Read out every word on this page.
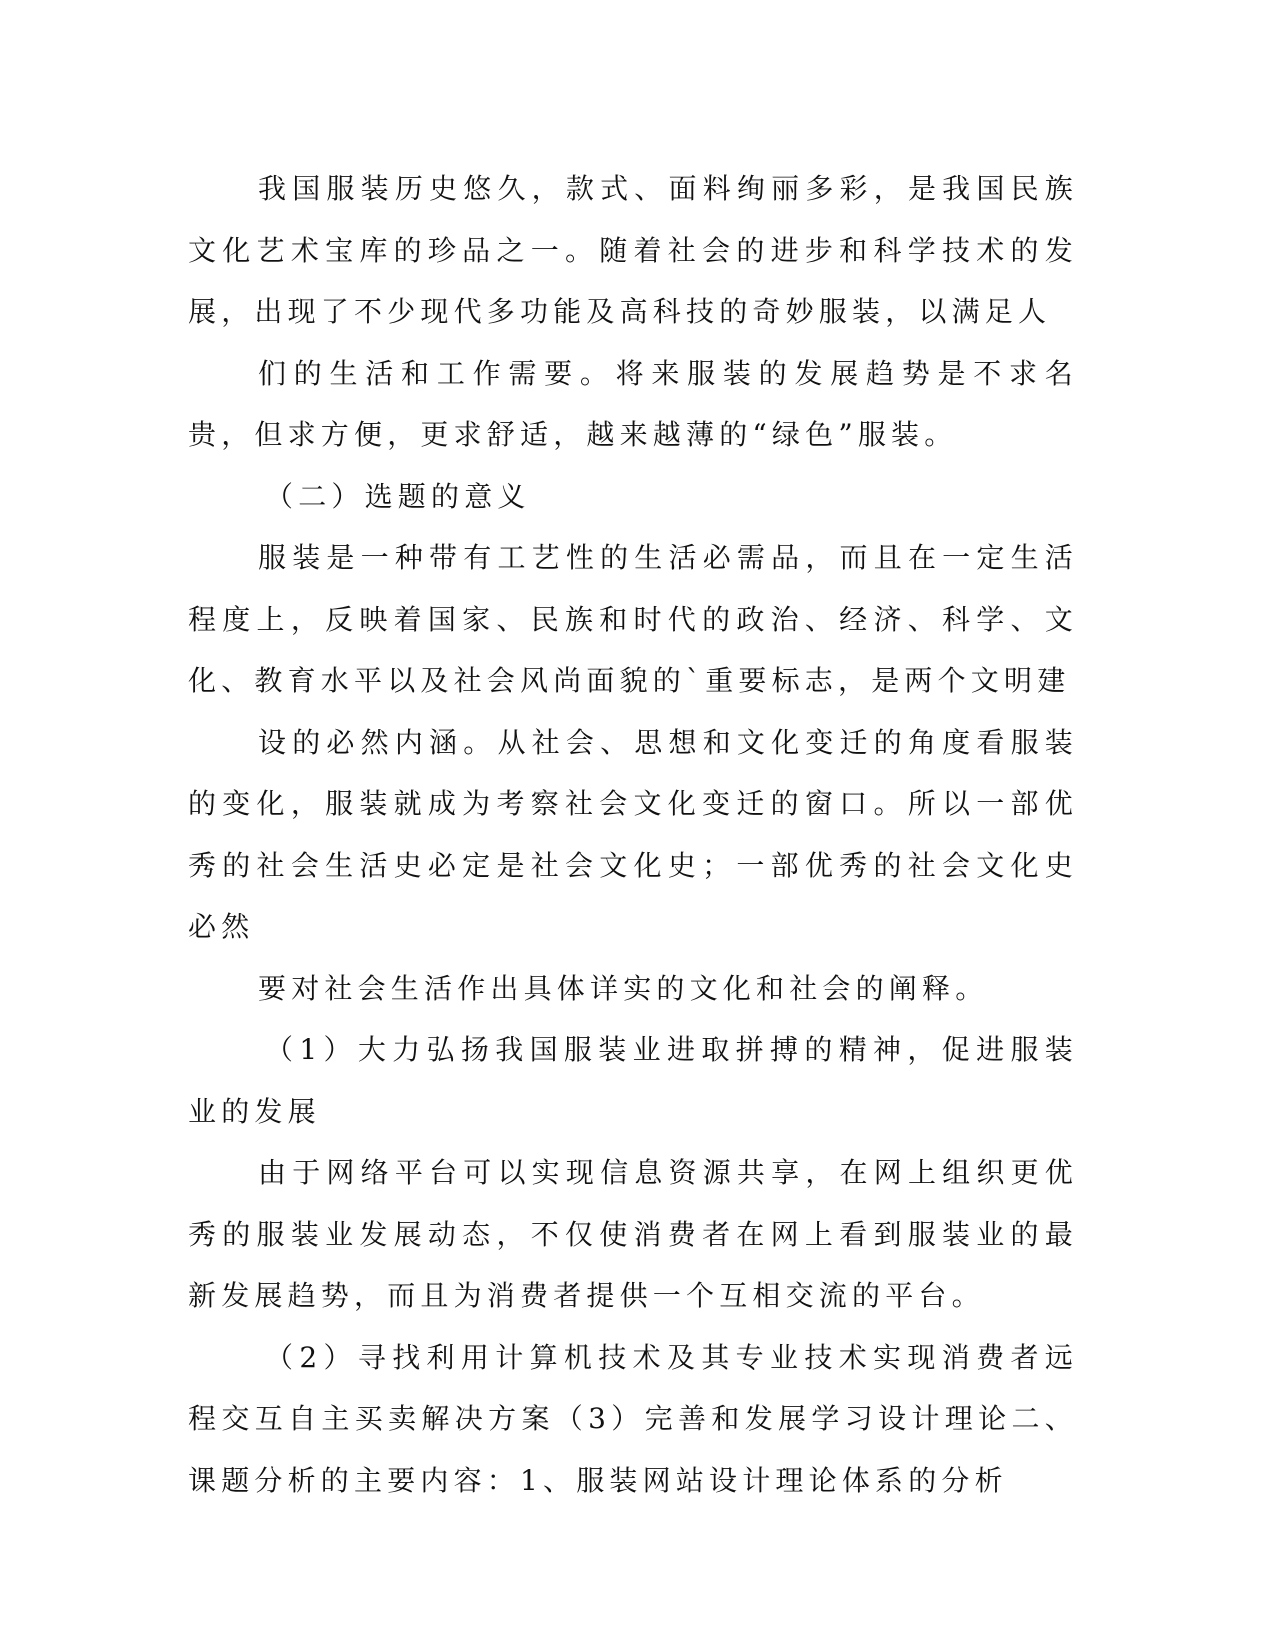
我国服装历史悠久，款式、面料绚丽多彩，是我国民族文化艺术宝库的珍品之一。随着社会的进步和科学技术的发展，出现了不少现代多功能及高科技的奇妙服装，以满足人

们的生活和工作需要。将来服装的发展趋势是不求名贵，但求方便，更求舒适，越来越薄的“绿色”服装。

（二）选题的意义

服装是一种带有工艺性的生活必需品，而且在一定生活程度上，反映着国家、民族和时代的政治、经济、科学、文化、教育水平以及社会风尚面貌的`重要标志，是两个文明建

设的必然内涵。从社会、思想和文化变迁的角度看服装的变化，服装就成为考察社会文化变迁的窗口。所以一部优秀的社会生活史必定是社会文化史；一部优秀的社会文化史必然

要对社会生活作出具体详实的文化和社会的阐释。

（1）大力弘扬我国服装业进取拼搏的精神，促进服装业的发展

由于网络平台可以实现信息资源共享，在网上组织更优秀的服装业发展动态，不仅使消费者在网上看到服装业的最新发展趋势，而且为消费者提供一个互相交流的平台。

（2）寻找利用计算机技术及其专业技术实现消费者远程交互自主买卖解决方案（3）完善和发展学习设计理论二、课题分析的主要内容：1、服装网站设计理论体系的分析
